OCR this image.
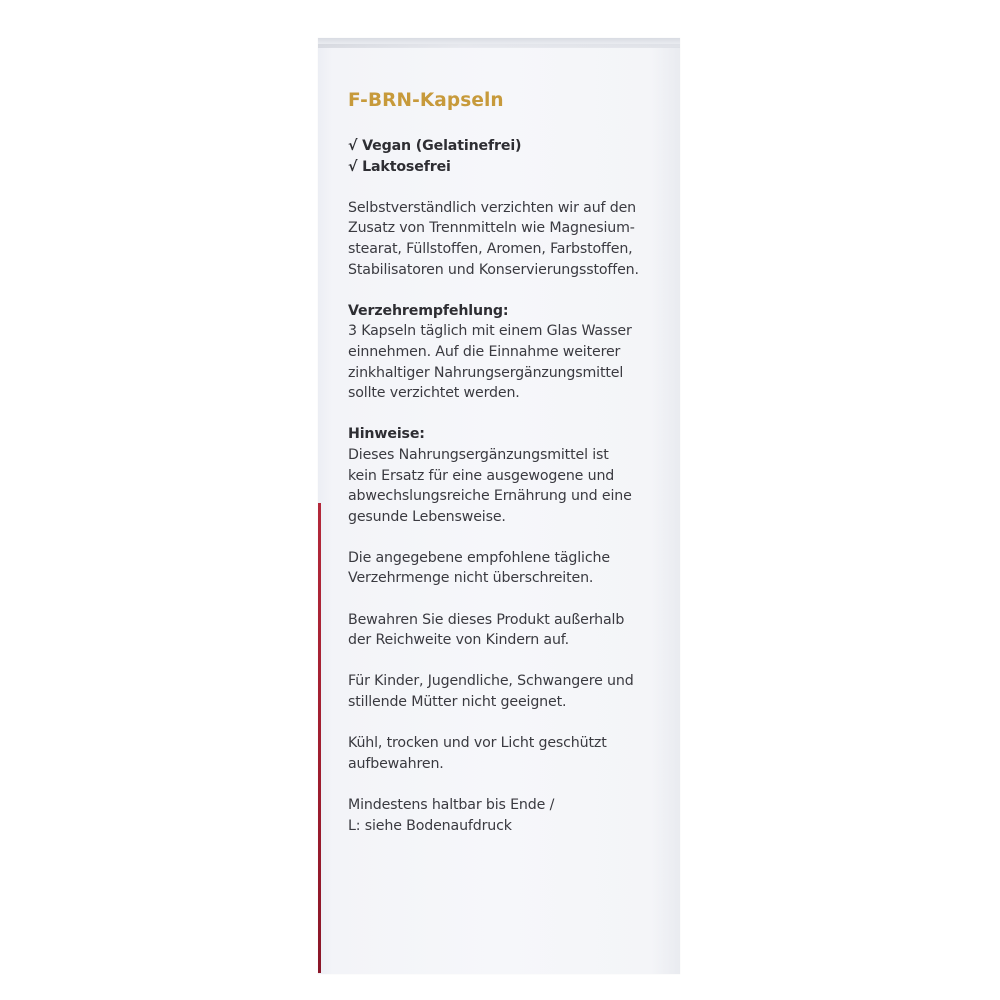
F-BRN-Kapseln
√ Vegan (Gelatinefrei)
√ Laktosefrei
Selbstverständlich verzichten wir auf den
Zusatz von Trennmitteln wie Magnesium-
stearat, Füllstoffen, Aromen, Farbstoffen,
Stabilisatoren und Konservierungsstoffen.
Verzehrempfehlung:
3 Kapseln täglich mit einem Glas Wasser
einnehmen. Auf die Einnahme weiterer
zinkhaltiger Nahrungsergänzungsmittel
sollte verzichtet werden.
Hinweise:
Dieses Nahrungsergänzungsmittel ist
kein Ersatz für eine ausgewogene und
abwechslungsreiche Ernährung und eine
gesunde Lebensweise.
Die angegebene empfohlene tägliche
Verzehrmenge nicht überschreiten.
Bewahren Sie dieses Produkt außerhalb
der Reichweite von Kindern auf.
Für Kinder, Jugendliche, Schwangere und
stillende Mütter nicht geeignet.
Kühl, trocken und vor Licht geschützt
aufbewahren.
Mindestens haltbar bis Ende /
L: siehe Bodenaufdruck
